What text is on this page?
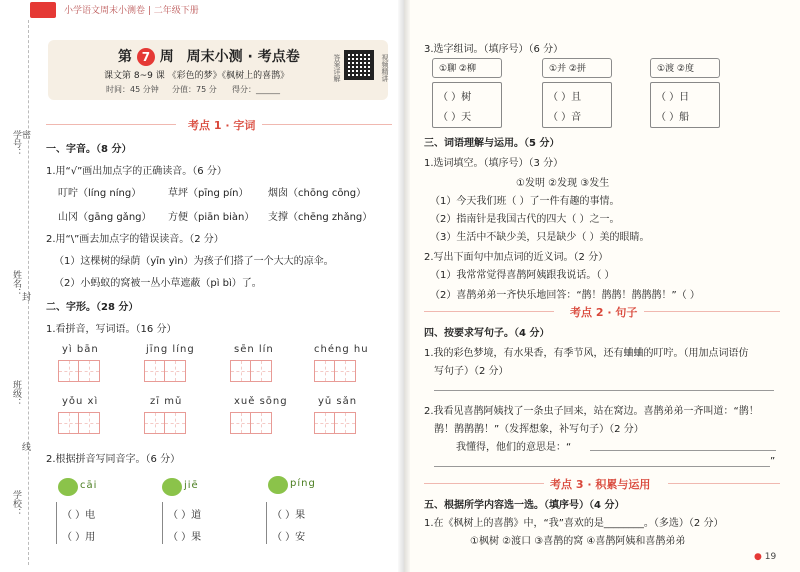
小学语文周末小测卷 | 二年级下册
学号： 密
姓名：
封
班级：
线
学校：
第 7 周 周末小测 · 考点卷
课文第 8~9 课 《彩色的梦》《枫树上的喜鹊》
时间：45 分钟 分值：75 分 得分：______
答案详解	视频精讲
考点 1 · 字词
一、字音。（8 分）
1.用“√”画出加点字的正确读音。（6 分）
叮咛（líng níng）	草坪（pīng pín） 烟囱（chōng cōng）
山冈（gāng gǎng） 方便（piān biàn） 支撑（chēng zhǎng）
2.用“\”画去加点字的错误读音。（2 分）
（1）这棵树的绿荫（yīn yìn）为孩子们搭了一个大大的凉伞。
（2）小蚂蚁的窝被一丛小草遮蔽（pì bì）了。
二、字形。（28 分）
1.看拼音，写词语。（16 分）
yì bān	jīng líng	sēn lín	chéng hu
yǒu xì	zī mǔ	xuě sōng	yǔ sǎn
2.根据拼音写同音字。（6 分）
cāi
（ ）电
（ ）用
jiē
（ ）道
（ ）果
píng
（ ）果
（ ）安
3.选字组词。（填序号）（6 分）
①聊 ②柳
（ ）树
（ ）天
①并 ②拼
（ ）且
（ ）音
①渡 ②度
（ ）日
（ ）船
三、词语理解与运用。（5 分）
1.选词填空。（填序号）（3 分）
①发明 ②发现 ③发生
（1）今天我们班（ ）了一件有趣的事情。
（2）指南针是我国古代的四大（ ）之一。
（3）生活中不缺少美，只是缺少（ ）美的眼睛。
2.写出下面句中加点词的近义词。（2 分）
（1）我常常觉得喜鹊阿姨跟我说话。（ ）
（2）喜鹊弟弟一齐快乐地回答：“鹊！鹊鹊！鹊鹊鹊！”（ ）
考点 2 · 句子
四、按要求写句子。（4 分）
1.我的彩色梦境，有水果香，有季节风，还有蛐蛐的叮咛。（用加点词语仿
写句子）（2 分）
2.我看见喜鹊阿姨找了一条虫子回来，站在窝边。喜鹊弟弟一齐叫道：“鹊！
鹊！鹊鹊鹊！”（发挥想象，补写句子）（2 分）
我懂得，他们的意思是：“
”
考点 3 · 积累与运用
五、根据所学内容选一选。（填序号）（4 分）
1.在《枫树上的喜鹊》中，“我”喜欢的是________。（多选）（2 分）
①枫树 ②渡口 ③喜鹊的窝 ④喜鹊阿姨和喜鹊弟弟
● 19
